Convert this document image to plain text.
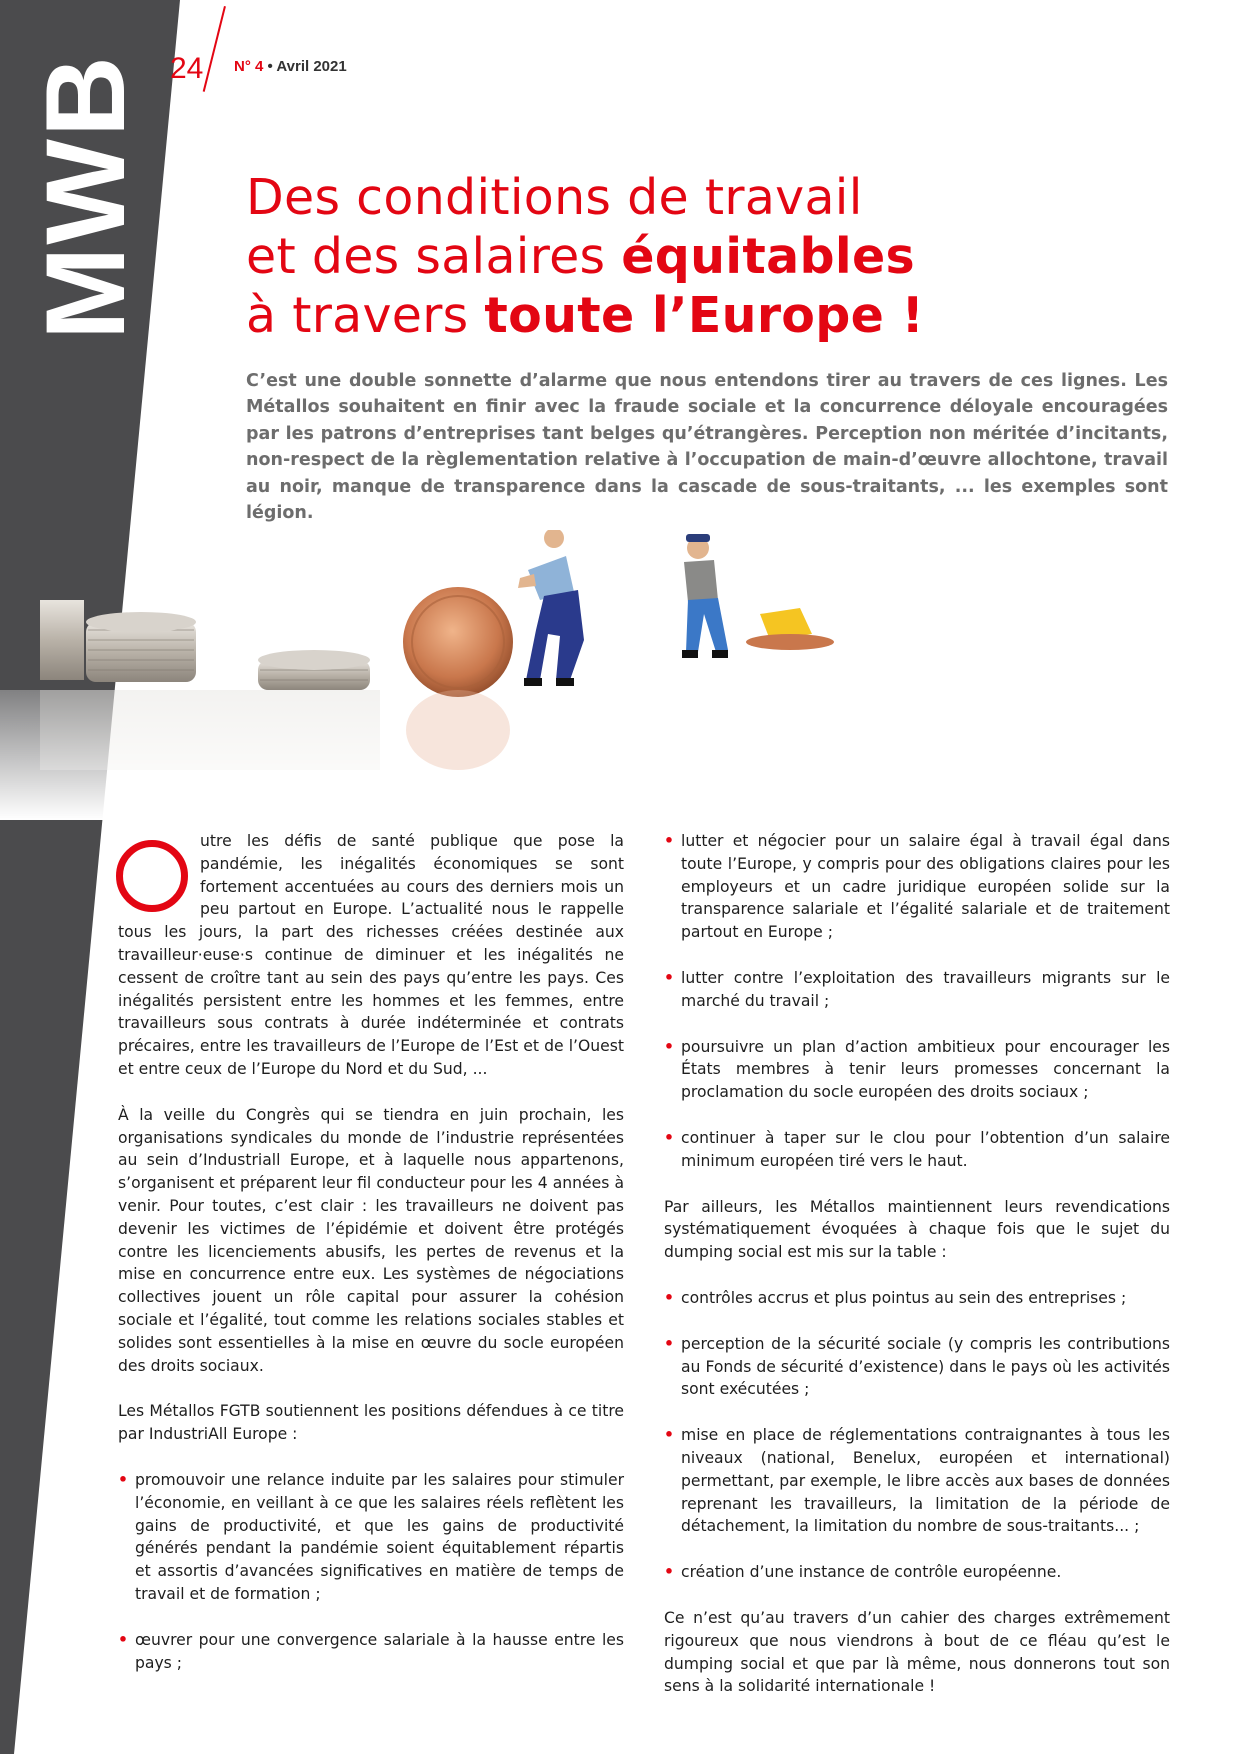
MWB 24 N° 4 • Avril 2021
Des conditions de travail
et des salaires équitables
à travers toute l’Europe !

C’est une double sonnette d’alarme que nous entendons tirer au travers de ces lignes. Les Métallos souhaitent en finir avec la fraude sociale et la concurrence déloyale encouragées par les patrons d’entreprises tant belges qu’étrangères. Perception non méritée d’incitants, non-respect de la règlementation relative à l’occupation de main-d’œuvre allochtone, travail au noir, manque de transparence dans la cascade de sous-traitants, ... les exemples sont légion.

utre les défis de santé publique que pose la pandémie, les inégalités économiques se sont fortement accentuées au cours des derniers mois un peu partout en Europe. L’actualité nous le rappelle tous les jours, la part des richesses créées destinée aux travailleur·euse·s continue de diminuer et les inégalités ne cessent de croître tant au sein des pays qu’entre les pays. Ces inégalités persistent entre les hommes et les femmes, entre travailleurs sous contrats à durée indéterminée et contrats précaires, entre les travailleurs de l’Europe de l’Est et de l’Ouest et entre ceux de l’Europe du Nord et du Sud, ...

À la veille du Congrès qui se tiendra en juin prochain, les organisations syndicales du monde de l’industrie représentées au sein d’Industriall Europe, et à laquelle nous appartenons, s’organisent et préparent leur fil conducteur pour les 4 années à venir. Pour toutes, c’est clair : les travailleurs ne doivent pas devenir les victimes de l’épidémie et doivent être protégés contre les licenciements abusifs, les pertes de revenus et la mise en concurrence entre eux. Les systèmes de négociations collectives jouent un rôle capital pour assurer la cohésion sociale et l’égalité, tout comme les relations sociales stables et solides sont essentielles à la mise en œuvre du socle européen des droits sociaux.

Les Métallos FGTB soutiennent les positions défendues à ce titre par IndustriAll Europe :

• promouvoir une relance induite par les salaires pour stimuler l’économie, en veillant à ce que les salaires réels reflètent les gains de productivité, et que les gains de productivité générés pendant la pandémie soient équitablement répartis et assortis d’avancées significatives en matière de temps de travail et de formation ;
• œuvrer pour une convergence salariale à la hausse entre les pays ;
• lutter et négocier pour un salaire égal à travail égal dans toute l’Europe, y compris pour des obligations claires pour les employeurs et un cadre juridique européen solide sur la transparence salariale et l’égalité salariale et de traitement partout en Europe ;
• lutter contre l’exploitation des travailleurs migrants sur le marché du travail ;
• poursuivre un plan d’action ambitieux pour encourager les États membres à tenir leurs promesses concernant la proclamation du socle européen des droits sociaux ;
• continuer à taper sur le clou pour l’obtention d’un salaire minimum européen tiré vers le haut.

Par ailleurs, les Métallos maintiennent leurs revendications systématiquement évoquées à chaque fois que le sujet du dumping social est mis sur la table :

• contrôles accrus et plus pointus au sein des entreprises ;
• perception de la sécurité sociale (y compris les contributions au Fonds de sécurité d’existence) dans le pays où les activités sont exécutées ;
• mise en place de réglementations contraignantes à tous les niveaux (national, Benelux, européen et international) permettant, par exemple, le libre accès aux bases de données reprenant les travailleurs, la limitation de la période de détachement, la limitation du nombre de sous-traitants... ;
• création d’une instance de contrôle européenne.

Ce n’est qu’au travers d’un cahier des charges extrêmement rigoureux que nous viendrons à bout de ce fléau qu’est le dumping social et que par là même, nous donnerons tout son sens à la solidarité internationale !
